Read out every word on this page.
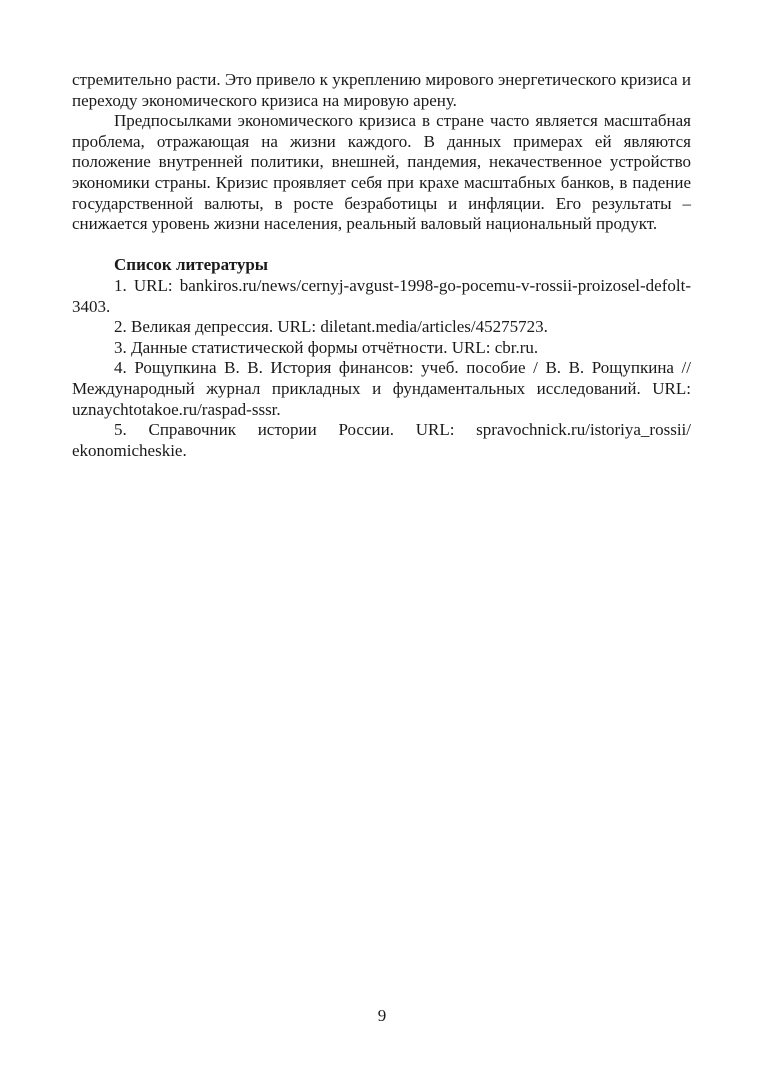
стремительно расти. Это привело к укреплению мирового энергетического кризиса и переходу экономического кризиса на мировую арену.

Предпосылками экономического кризиса в стране часто является масштабная проблема, отражающая на жизни каждого. В данных примерах ей являются положение внутренней политики, внешней, пандемия, некачественное устройство экономики страны. Кризис проявляет себя при крахе масштабных банков, в падение государственной валюты, в росте безработицы и инфляции. Его результаты – снижается уровень жизни населения, реальный валовый национальный продукт.

Список литературы

1. URL: bankiros.ru/news/cernyj-avgust-1998-go-pocemu-v-rossii-proizosel-defolt-3403.

2. Великая депрессия. URL: diletant.media/articles/45275723.

3. Данные статистической формы отчётности. URL: cbr.ru.

4. Рощупкина В. В. История финансов: учеб. пособие / В. В. Рощупкина // Международный журнал прикладных и фундаментальных исследований. URL: uznaychtotakoe.ru/raspad-sssr.

5. Справочник истории России. URL: spravochnick.ru/istoriya_rossii/​ekonomicheskie.

9
